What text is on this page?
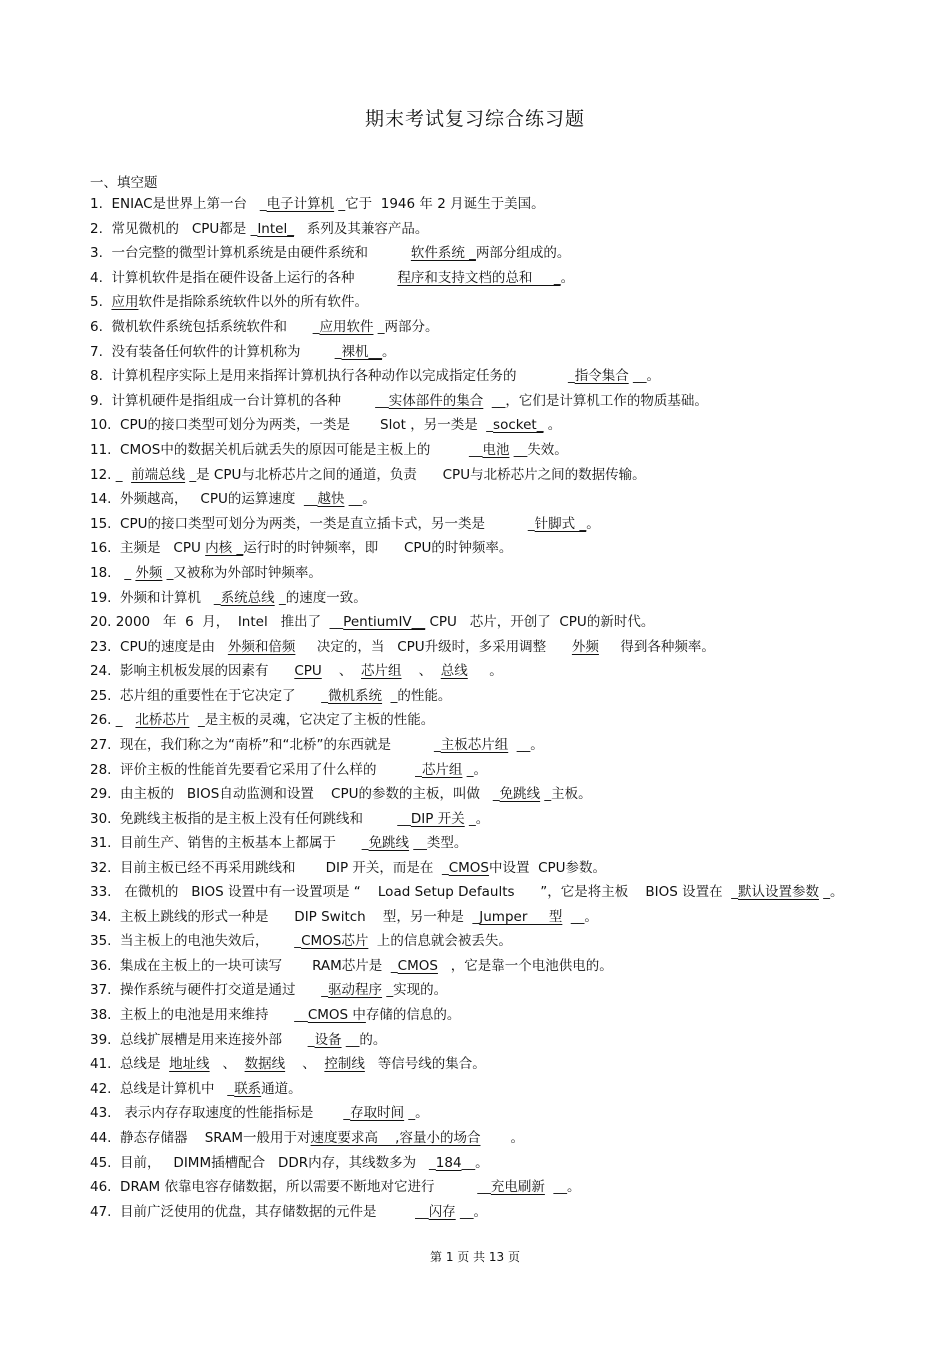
期末考试复习综合练习题
一、填空题
1.  ENIAC是世界上第一台   _电子计算机 _它于  1946 年 2 月诞生于美国。
2.  常见微机的   CPU都是 _Intel_   系列及其兼容产品。
3.  一台完整的微型计算机系统是由硬件系统和          软件系统 _两部分组成的。
4.  计算机软件是指在硬件设备上运行的各种          程序和支持文档的总和     _。
5.  应用软件是指除系统软件以外的所有软件。
6.  微机软件系统包括系统软件和      _应用软件 _两部分。
7.  没有装备任何软件的计算机称为        _裸机__。
8.  计算机程序实际上是用来指挥计算机执行各种动作以完成指定任务的            _指令集合 __。
9.  计算机硬件是指组成一台计算机的各种        __实体部件的集合  __，它们是计算机工作的物质基础。
10.  CPU的接口类型可划分为两类，一类是       Slot ，另一类是  _socket_ 。
11.  CMOS中的数据关机后就丢失的原因可能是主板上的         __电池 __失效。
12. _  前端总线 _是 CPU与北桥芯片之间的通道，负责      CPU与北桥芯片之间的数据传输。
14.  外频越高，   CPU的运算速度  __越快 __。
15.  CPU的接口类型可划分为两类，一类是直立插卡式，另一类是          _针脚式 _。
16.  主频是   CPU 内核 _运行时的时钟频率，即      CPU的时钟频率。
18.   _ 外频 _又被称为外部时钟频率。
19.  外频和计算机   _系统总线 _的速度一致。
20. 2000   年  6  月，  Intel   推出了  __PentiumIV__ CPU   芯片，开创了  CPU的新时代。
23.  CPU的速度是由   外频和倍频     决定的，当   CPU升级时，多采用调整      外频     得到各种频率。
24.  影响主机板发展的因素有      CPU    、  芯片组    、  总线     。
25.  芯片组的重要性在于它决定了      _微机系统  _的性能。
26. _   北桥芯片  _是主板的灵魂，它决定了主板的性能。
27.  现在，我们称之为“南桥”和“北桥”的东西就是          _主板芯片组  __。
28.  评价主板的性能首先要看它采用了什么样的         _芯片组 _。
29.  由主板的   BIOS自动监测和设置    CPU的参数的主板，叫做   _免跳线 _主板。
30.  免跳线主板指的是主板上没有任何跳线和        __DIP 开关 _。
31.  目前生产、销售的主板基本上都属于      _免跳线 __类型。
32.  目前主板已经不再采用跳线和       DIP 开关，而是在  _CMOS中设置  CPU参数。
33.   在微机的   BIOS 设置中有一设置项是 “    Load Setup Defaults      ”，它是将主板    BIOS 设置在  _默认设置参数 _。
34.  主板上跳线的形式一种是      DIP Switch    型，另一种是  _Jumper     型  __。
35.  当主板上的电池失效后，      _CMOS芯片  上的信息就会被丢失。
36.  集成在主板上的一块可读写       RAM芯片是  _CMOS   ，它是靠一个电池供电的。
37.  操作系统与硬件打交道是通过      _驱动程序 _实现的。
38.  主板上的电池是用来维持      __CMOS 中存储的信息的。
39.  总线扩展槽是用来连接外部      _设备 __的。
41.  总线是  地址线   、  数据线    、  控制线   等信号线的集合。
42.  总线是计算机中   _联系通道。
43.   表示内存存取速度的性能指标是       _存取时间 _。
44.  静态存储器    SRAM一般用于对速度要求高    ,容量小的场合       。
45.  目前，   DIMM插槽配合   DDR内存，其线数多为   _184__。
46.  DRAM 依靠电容存储数据，所以需要不断地对它进行          __充电刷新  __。
47.  目前广泛使用的优盘，其存储数据的元件是         __闪存 __。
第 1 页 共 13 页
